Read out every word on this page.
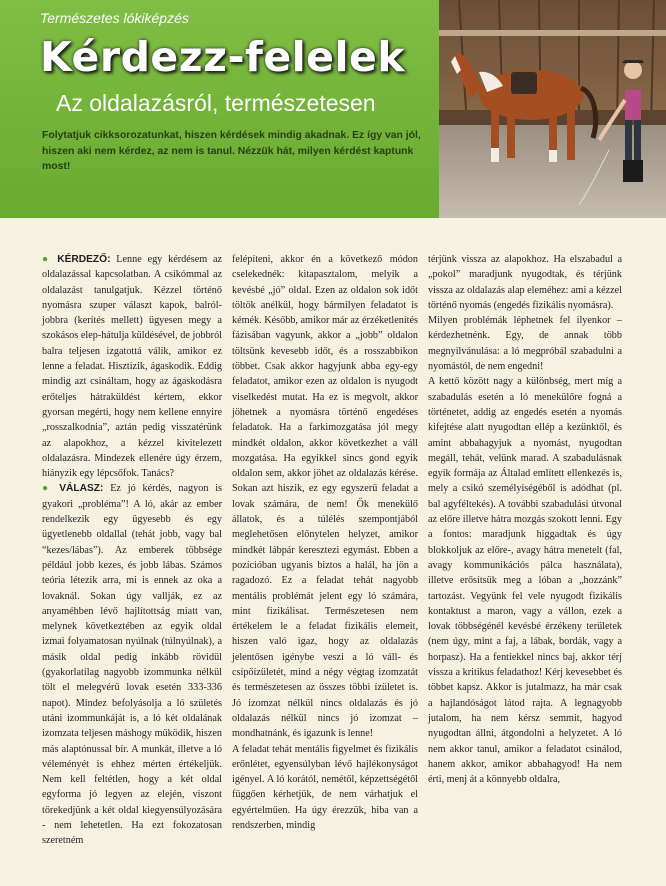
Természetes lókiképzés
Kérdezz-felelek
Az oldalazásról, természetesen
Folytatjuk cikksorozatunkat, hiszen kérdések mindig akadnak. Ez így van jól, hiszen aki nem kérdez, az nem is tanul. Nézzük hát, milyen kérdést kaptunk most!

● KÉRDEZŐ: Lenne egy kérdésem az oldalazással kapcsolatban. A csikómmal az oldalazást tanulgatjuk. Kézzel történő nyomásra szuper választ kapok, balról-jobbra (kerítés mellett) ügyesen megy a szokásos elep-hátulja küldésével, de jobbról balra teljesen izgatottá válik, amikor ez lenne a feladat. Hisztizik, ágaskodik. Eddig mindig azt csináltam, hogy az ágaskodásra erőteljes hátraküldést kértem, ekkor gyorsan megérti, hogy nem kellene ennyire „rosszalkodnia”, aztán pedig visszatérünk az alapokhoz, a kézzel kivitelezett oldalazásra. Mindezek ellenére úgy érzem, hiányzik egy lépcsőfok. Tanács?

● VÁLASZ: Ez jó kérdés, nagyon is gyakori „probléma”! A ló, akár az ember rendelkezik egy ügyesebb és egy ügyetlenebb oldallal (tehát jobb, vagy bal “kezes/lábas”). Az emberek többsége például jobb kezes, és jobb lábas. Számos teória létezik arra, mi is ennek az oka a lovaknál. Sokan úgy vallják, ez az anyaméhben lévő hajlítottság miatt van, melynek következtében az egyik oldal izmai folyamatosan nyúlnak (túlnyúlnak), a másik oldal pedig inkább rövidül (gyakorlatilag nagyobb izommunka nélkül tölt el melegvérű lovak esetén 333-336 napot). Mindez befolyásolja a ló születés utáni izommunkáját is, a ló két oldalának izomzata teljesen máshogy működik, hiszen más alaptónussal bír. A munkát, illetve a ló véleményét is ehhez mérten értékeljük. Nem kell feltétlen, hogy a két oldal egyforma jó legyen az elején, viszont törekedjünk a két oldal kiegyensúlyozására - nem lehetetlen. Ha ezt fokozatosan szeretném

felépíteni, akkor én a következő módon cselekednék: kitapasztalom, melyik a kevésbé „jó” oldal. Ezen az oldalon sok időt töltök anélkül, hogy bármilyen feladatot is kémék. Később, amikor már az érzéketlenítés fázisában vagyunk, akkor a „jobb” oldalon töltsünk kevesebb időt, és a rosszabbikon többet. Csak akkor hagyjunk abba egy-egy feladatot, amikor ezen az oldalon is nyugodt viselkedést mutat. Ha ez is megvolt, akkor jöhetnek a nyomásra történő engedéses feladatok. Ha a farkimozgatása jól megy mindkét oldalon, akkor következhet a váll mozgatása. Ha egyikkel sincs gond egyik oldalon sem, akkor jöhet az oldalazás kérése. Sokan azt hiszik, ez egy egyszerű feladat a lovak számára, de nem! Ők menekülő állatok, és a túlélés szempontjából meglehetősen előnytelen helyzet, amikor mindkét lábpár keresztezi egymást. Ebben a pozícióban ugyanis biztos a halál, ha jön a ragadozó. Ez a feladat tehát nagyobb mentális problémát jelent egy ló számára, mint fizikálisat. Természetesen nem értékelem le a feladat fizikális elemeit, hiszen való igaz, hogy az oldalazás jelentősen igénybe veszi a ló váll- és csípőízületét, mind a négy végtag izomzatát és természetesen az összes többi ízületet is. Jó izomzat nélkül nincs oldalazás és jó oldalazás nélkül nincs jó izomzat – mondhatnánk, és igazunk is lenne!

A feladat tehát mentális figyelmet és fizikális erőnlétet, egyensúlyban lévő hajlékonyságot igényel. A ló korától, nemétől, képzettségétől függően kérhetjük, de nem várhatjuk el egyértelműen. Ha úgy érezzük, hiba van a rendszerben, mindig

térjünk vissza az alapokhoz. Ha elszabadul a „pokol” maradjunk nyugodtak, és térjünk vissza az oldalazás alap eleméhez: ami a kézzel történő nyomás (engedés fizikális nyomásra).

Milyen problémák léphetnek fel ilyenkor – kérdezhetnénk. Egy, de annak több megnyilvánulása: a ló megpróbál szabadulni a nyomástól, de nem engedni!

A kettő között nagy a különbség, mert míg a szabadulás esetén a ló menekülőre fogná a történetet, addig az engedés esetén a nyomás kifejtése alatt nyugodtan ellép a kezünktől, és amint abbahagyjuk a nyomást, nyugodtan megáll, tehát, velünk marad. A szabadulásnak egyik formája az Általad említett ellenkezés is, mely a csikó személyiségéből is adódhat (pl. bal agyféltekés). A további szabadulási útvonal az előre illetve hátra mozgás szokott lenni. Egy a fontos: maradjunk higgadtak és úgy blokkoljuk az előre-, avagy hátra menetelt (fal, avagy kommunikációs pálca használata), illetve erősítsük meg a lóban a „hozzánk” tartozást. Vegyünk fel vele nyugodt fizikális kontaktust a maron, vagy a vállon, ezek a lovak többségénél kevésbé érzékeny területek (nem úgy, mint a faj, a lábak, bordák, vagy a horpasz). Ha a fentiekkel nincs baj, akkor térj vissza a kritikus feladathoz! Kérj kevesebbet és többet kapsz. Akkor is jutalmazz, ha már csak a hajlandóságot látod rajta. A legnagyobb jutalom, ha nem kérsz semmit, hagyod nyugodtan állni, átgondolni a helyzetet. A ló nem akkor tanul, amikor a feladatot csinálod, hanem akkor, amikor abbahagyod! Ha nem érti, menj át a könnyebb oldalra,
